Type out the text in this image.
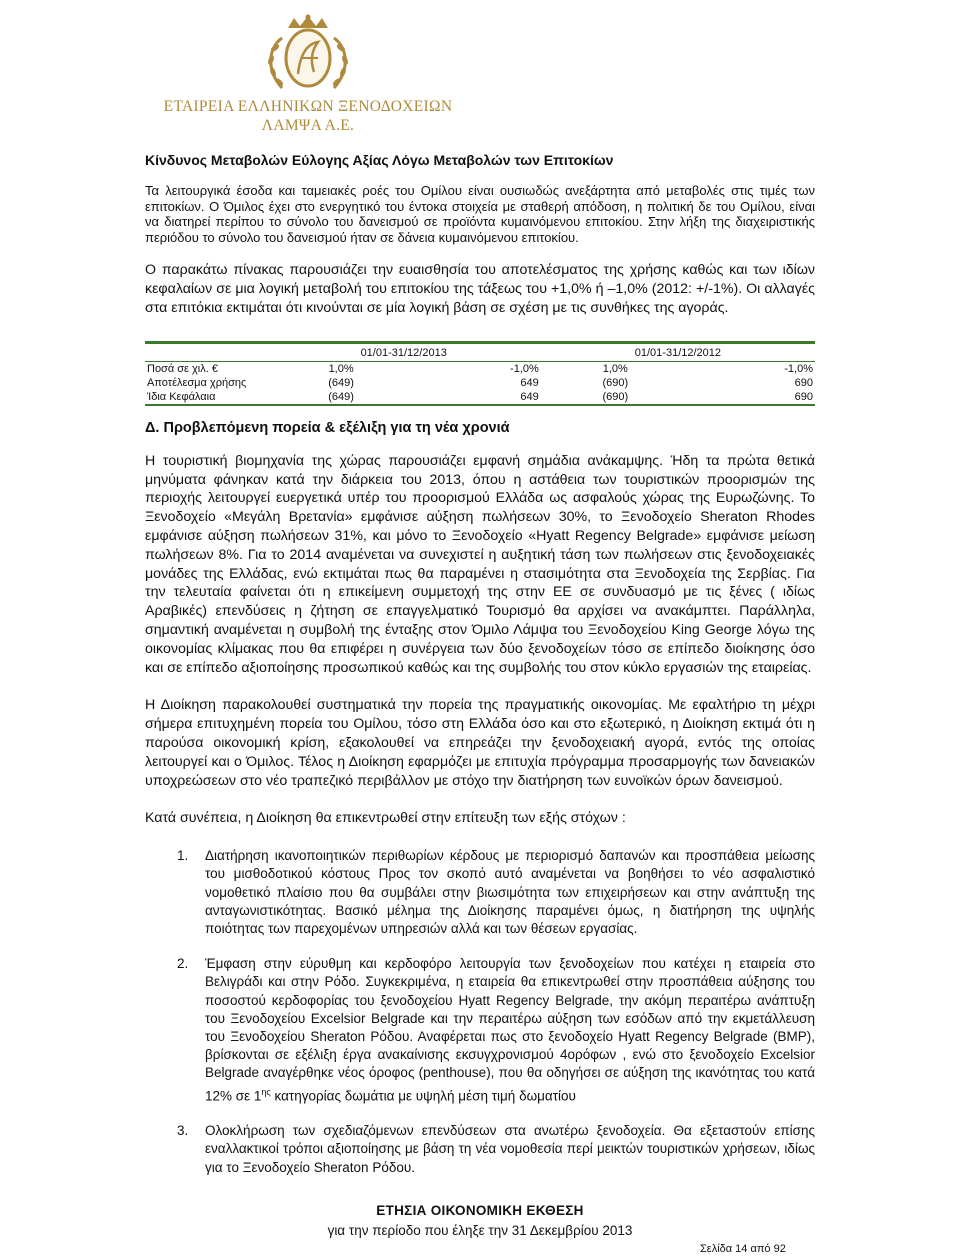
ΕΤΑΙΡΕΙΑ ΕΛΛΗΝΙΚΩΝ ΞΕΝΟΔΟΧΕΙΩΝ
ΛΑΜΨΑ Α.Ε.
Κίνδυνος Μεταβολών Εύλογης Αξίας Λόγω Μεταβολών των Επιτοκίων

Τα λειτουργικά έσοδα και ταμειακές ροές του Ομίλου είναι ουσιωδώς ανεξάρτητα από μεταβολές στις τιμές των επιτοκίων. Ο Όμιλος έχει στο ενεργητικό του έντοκα στοιχεία με σταθερή απόδοση, η πολιτική δε του Ομίλου, είναι να διατηρεί περίπου το σύνολο του δανεισμού σε προϊόντα κυμαινόμενου επιτοκίου. Στην λήξη της διαχειριστικής περιόδου το σύνολο του δανεισμού ήταν σε δάνεια κυμαινόμενου επιτοκίου.

Ο παρακάτω πίνακας παρουσιάζει την ευαισθησία του αποτελέσματος της χρήσης καθώς και των ιδίων κεφαλαίων σε μια λογική μεταβολή του επιτοκίου της τάξεως του +1,0% ή –1,0% (2012: +/-1%). Οι αλλαγές στα επιτόκια εκτιμάται ότι κινούνται σε μία λογική βάση σε σχέση με τις συνθήκες της αγοράς.

	01/01-31/12/2013		01/01-31/12/2012	
Ποσά σε χιλ. €	1,0%	-1,0%	1,0%	-1,0%
Αποτέλεσμα χρήσης	(649)	649	(690)	690
Ίδια Κεφάλαια	(649)	649	(690)	690
Δ. Προβλεπόμενη πορεία & εξέλιξη για τη νέα χρονιά

Η τουριστική βιομηχανία της χώρας παρουσιάζει εμφανή σημάδια ανάκαμψης. Ήδη τα πρώτα θετικά μηνύματα φάνηκαν κατά την διάρκεια του 2013, όπου η αστάθεια των τουριστικών προορισμών της περιοχής λειτουργεί ευεργετικά υπέρ του προορισμού Ελλάδα ως ασφαλούς χώρας της Ευρωζώνης. Το Ξενοδοχείο «Μεγάλη Βρετανία» εμφάνισε αύξηση πωλήσεων 30%, το Ξενοδοχείο Sheraton Rhodes εμφάνισε αύξηση πωλήσεων 31%, και μόνο το Ξενοδοχείο «Hyatt Regency Belgrade» εμφάνισε μείωση πωλήσεων 8%. Για το 2014 αναμένεται να συνεχιστεί η αυξητική τάση των πωλήσεων στις ξενοδοχειακές μονάδες της Ελλάδας, ενώ εκτιμάται πως θα παραμένει η στασιμότητα στα Ξενοδοχεία της Σερβίας. Για την τελευταία φαίνεται ότι η επικείμενη συμμετοχή της στην ΕΕ σε συνδυασμό με τις ξένες ( ιδίως Αραβικές) επενδύσεις η ζήτηση σε επαγγελματικό Τουρισμό θα αρχίσει να ανακάμπτει. Παράλληλα, σημαντική αναμένεται η συμβολή της ένταξης στον Όμιλο Λάμψα του Ξενοδοχείου King George λόγω της οικονομίας κλίμακας που θα επιφέρει η συνέργεια των δύο ξενοδοχείων τόσο σε επίπεδο διοίκησης όσο και σε επίπεδο αξιοποίησης προσωπικού καθώς και της συμβολής του στον κύκλο εργασιών της εταιρείας.

Η Διοίκηση παρακολουθεί συστηματικά την πορεία της πραγματικής οικονομίας. Με εφαλτήριο τη μέχρι σήμερα επιτυχημένη πορεία του Ομίλου, τόσο στη Ελλάδα όσο και στο εξωτερικό, η Διοίκηση εκτιμά ότι η παρούσα οικονομική κρίση, εξακολουθεί να επηρεάζει την ξενοδοχειακή αγορά, εντός της οποίας λειτουργεί και ο Όμιλος. Τέλος η Διοίκηση εφαρμόζει με επιτυχία πρόγραμμα προσαρμογής των δανειακών υποχρεώσεων στο νέο τραπεζικό περιβάλλον με στόχο την διατήρηση των ευνοϊκών όρων δανεισμού.

Κατά συνέπεια, η Διοίκηση θα επικεντρωθεί στην επίτευξη των εξής στόχων :

1. Διατήρηση ικανοποιητικών περιθωρίων κέρδους με περιορισμό δαπανών και προσπάθεια μείωσης του μισθοδοτικού κόστους Προς τον σκοπό αυτό αναμένεται να βοηθήσει το νέο ασφαλιστικό νομοθετικό πλαίσιο που θα συμβάλει στην βιωσιμότητα των επιχειρήσεων και στην ανάπτυξη της ανταγωνιστικότητας. Βασικό μέλημα της Διοίκησης παραμένει όμως, η διατήρηση της υψηλής ποιότητας των παρεχομένων υπηρεσιών αλλά και των θέσεων εργασίας.
2. Έμφαση στην εύρυθμη και κερδοφόρο λειτουργία των ξενοδοχείων που κατέχει η εταιρεία στο Βελιγράδι και στην Ρόδο. Συγκεκριμένα, η εταιρεία θα επικεντρωθεί στην προσπάθεια αύξησης του ποσοστού κερδοφορίας του ξενοδοχείου Hyatt Regency Belgrade, την ακόμη περαιτέρω ανάπτυξη του Ξενοδοχείου Excelsior Belgrade και την περαιτέρω αύξηση των εσόδων από την εκμετάλλευση του Ξενοδοχείου Sheraton Ρόδου. Αναφέρεται πως στο ξενοδοχείο Hyatt Regency Belgrade (BMP), βρίσκονται σε εξέλιξη έργα ανακαίνισης εκσυγχρονισμού 4ορόφων , ενώ στο ξενοδοχείο Excelsior Belgrade αναγέρθηκε νέος όροφος (penthouse), που θα οδηγήσει σε αύξηση της ικανότητας του κατά 12% σε $1^{\eta\varsigma}$ κατηγορίας δωμάτια με υψηλή μέση τιμή δωματίου
3. Ολοκλήρωση των σχεδιαζόμενων επενδύσεων στα ανωτέρω ξενοδοχεία. Θα εξεταστούν επίσης εναλλακτικοί τρόποι αξιοποίησης με βάση τη νέα νομοθεσία περί μεικτών τουριστικών χρήσεων, ιδίως για το Ξενοδοχείο Sheraton Ρόδου.
ΕΤΗΣΙΑ ΟΙΚΟΝΟΜΙΚΗ ΕΚΘΕΣΗ
για την περίοδο που έληξε την 31 Δεκεμβρίου 2013
Σελίδα 14 από 92
